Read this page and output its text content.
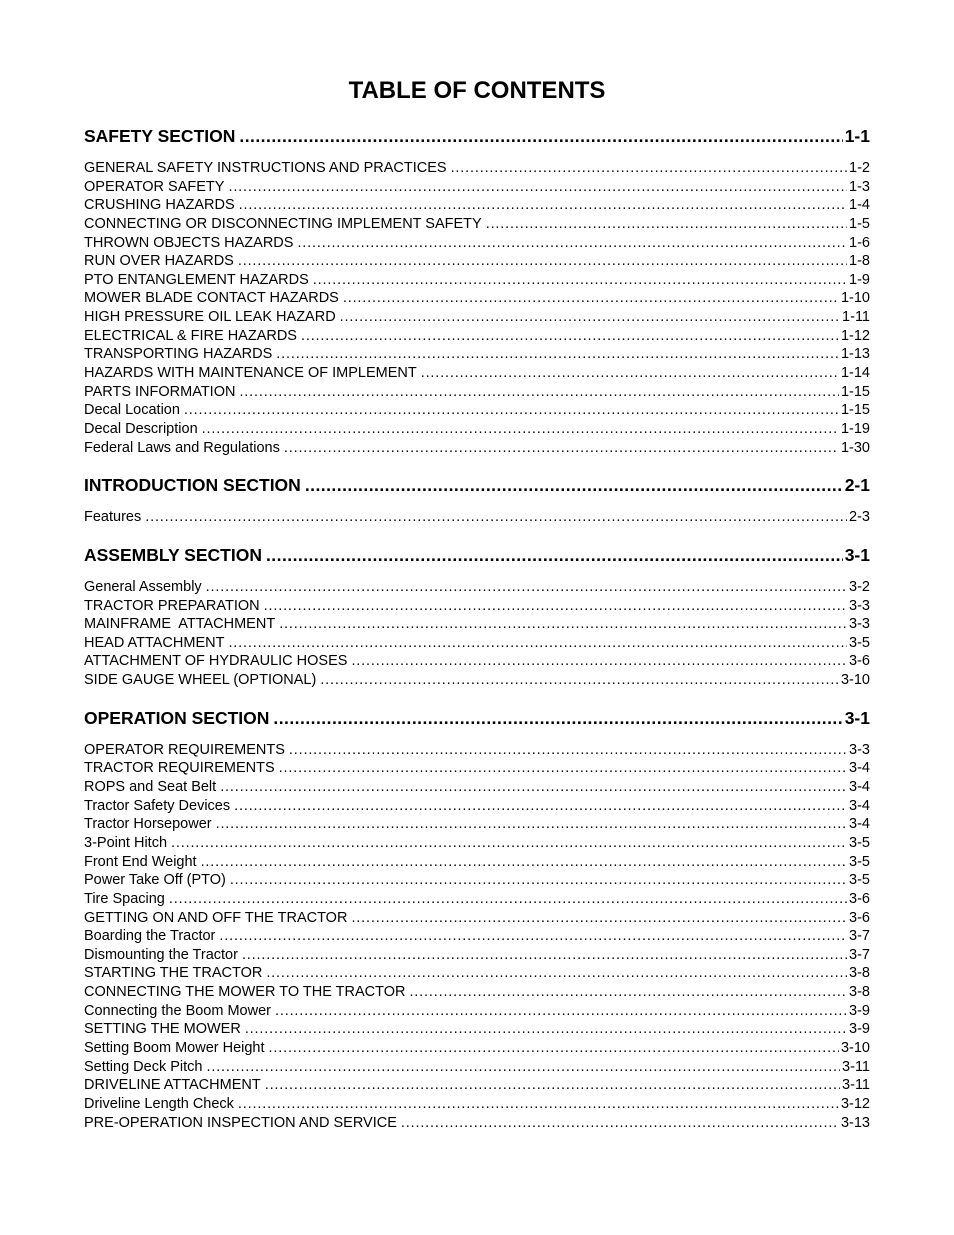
TABLE OF CONTENTS
SAFETY SECTION . . .	1-1
GENERAL SAFETY INSTRUCTIONS AND PRACTICES . . .	1-2
OPERATOR SAFETY . . .	1-3
CRUSHING HAZARDS . . .	1-4
CONNECTING OR DISCONNECTING IMPLEMENT SAFETY . . .	1-5
THROWN OBJECTS HAZARDS . . .	1-6
RUN OVER HAZARDS . . .	1-8
PTO ENTANGLEMENT HAZARDS . . .	1-9
MOWER BLADE CONTACT HAZARDS . . .	1-10
HIGH PRESSURE OIL LEAK HAZARD . . .	1-11
ELECTRICAL & FIRE HAZARDS . . .	1-12
TRANSPORTING HAZARDS . . .	1-13
HAZARDS WITH MAINTENANCE OF IMPLEMENT . . .	1-14
PARTS INFORMATION . . .	1-15
Decal Location . . .	1-15
Decal Description . . .	1-19
Federal Laws and Regulations . . .	1-30
INTRODUCTION SECTION . . .	2-1
Features . . .	2-3
ASSEMBLY SECTION . . .	3-1
General Assembly . . .	3-2
TRACTOR PREPARATION . . .	3-3
MAINFRAME  ATTACHMENT . . .	3-3
HEAD ATTACHMENT . . .	3-5
ATTACHMENT OF HYDRAULIC HOSES . . .	3-6
SIDE GAUGE WHEEL (OPTIONAL) . . .	3-10
OPERATION SECTION . . .	3-1
OPERATOR REQUIREMENTS . . .	3-3
TRACTOR REQUIREMENTS . . .	3-4
ROPS and Seat Belt . . .	3-4
Tractor Safety Devices . . .	3-4
Tractor Horsepower . . .	3-4
3-Point Hitch . . .	3-5
Front End Weight . . .	3-5
Power Take Off (PTO) . . .	3-5
Tire Spacing . . .	3-6
GETTING ON AND OFF THE TRACTOR . . .	3-6
Boarding the Tractor . . .	3-7
Dismounting the Tractor . . .	3-7
STARTING THE TRACTOR . . .	3-8
CONNECTING THE MOWER TO THE TRACTOR . . .	3-8
Connecting the Boom Mower . . .	3-9
SETTING THE MOWER . . .	3-9
Setting Boom Mower Height . . .	3-10
Setting Deck Pitch . . .	3-11
DRIVELINE ATTACHMENT . . .	3-11
Driveline Length Check . . .	3-12
PRE-OPERATION INSPECTION AND SERVICE . . .	3-13
